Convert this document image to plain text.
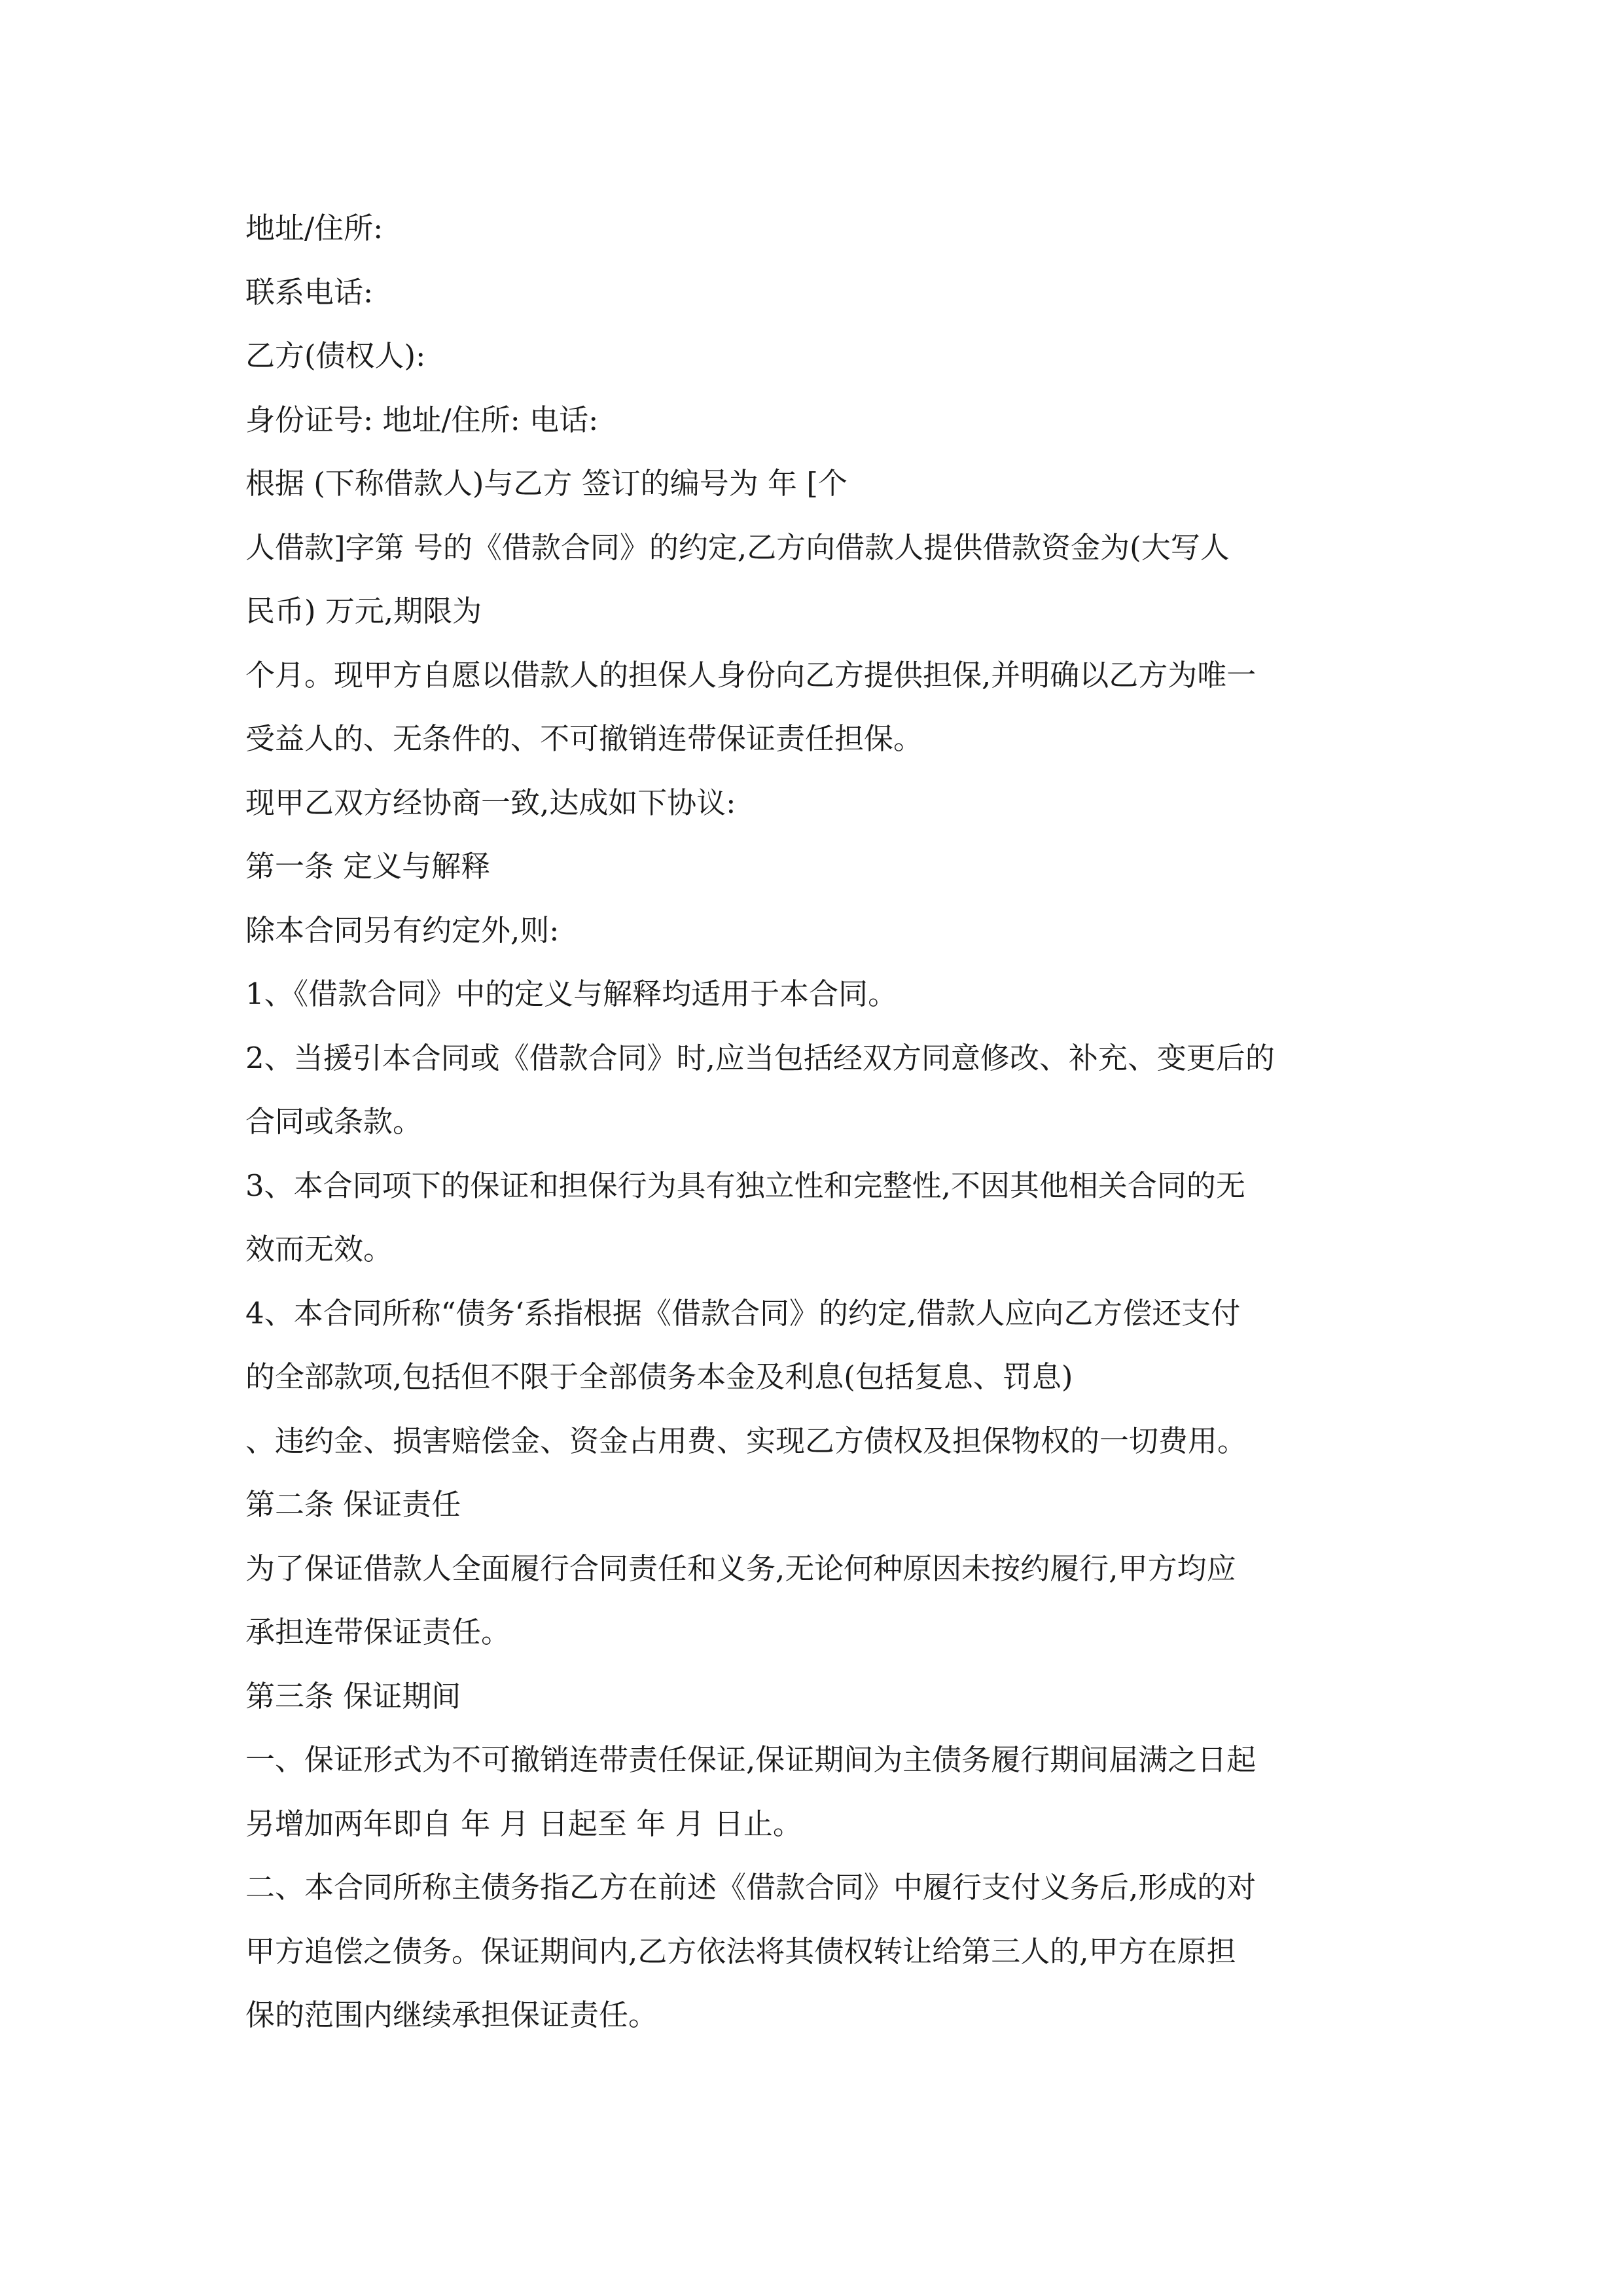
地址/住所:
联系电话:
乙方(债权人):
身份证号: 地址/住所: 电话:
根据 (下称借款人)与乙方 签订的编号为 年 [个
人借款]字第 号的《借款合同》的约定,乙方向借款人提供借款资金为(大写人
民币) 万元,期限为
个月。现甲方自愿以借款人的担保人身份向乙方提供担保,并明确以乙方为唯一
受益人的、无条件的、不可撤销连带保证责任担保。
现甲乙双方经协商一致,达成如下协议:
第一条 定义与解释
除本合同另有约定外,则:
1、《借款合同》中的定义与解释均适用于本合同。
2、当援引本合同或《借款合同》时,应当包括经双方同意修改、补充、变更后的
合同或条款。
3、本合同项下的保证和担保行为具有独立性和完整性,不因其他相关合同的无
效而无效。
4、本合同所称“债务‘系指根据《借款合同》的约定,借款人应向乙方偿还支付
的全部款项,包括但不限于全部债务本金及利息(包括复息、罚息)
、违约金、损害赔偿金、资金占用费、实现乙方债权及担保物权的一切费用。
第二条 保证责任
为了保证借款人全面履行合同责任和义务,无论何种原因未按约履行,甲方均应
承担连带保证责任。
第三条 保证期间
一、保证形式为不可撤销连带责任保证,保证期间为主债务履行期间届满之日起
另增加两年即自 年 月 日起至 年 月 日止。
二、本合同所称主债务指乙方在前述《借款合同》中履行支付义务后,形成的对
甲方追偿之债务。保证期间内,乙方依法将其债权转让给第三人的,甲方在原担
保的范围内继续承担保证责任。
